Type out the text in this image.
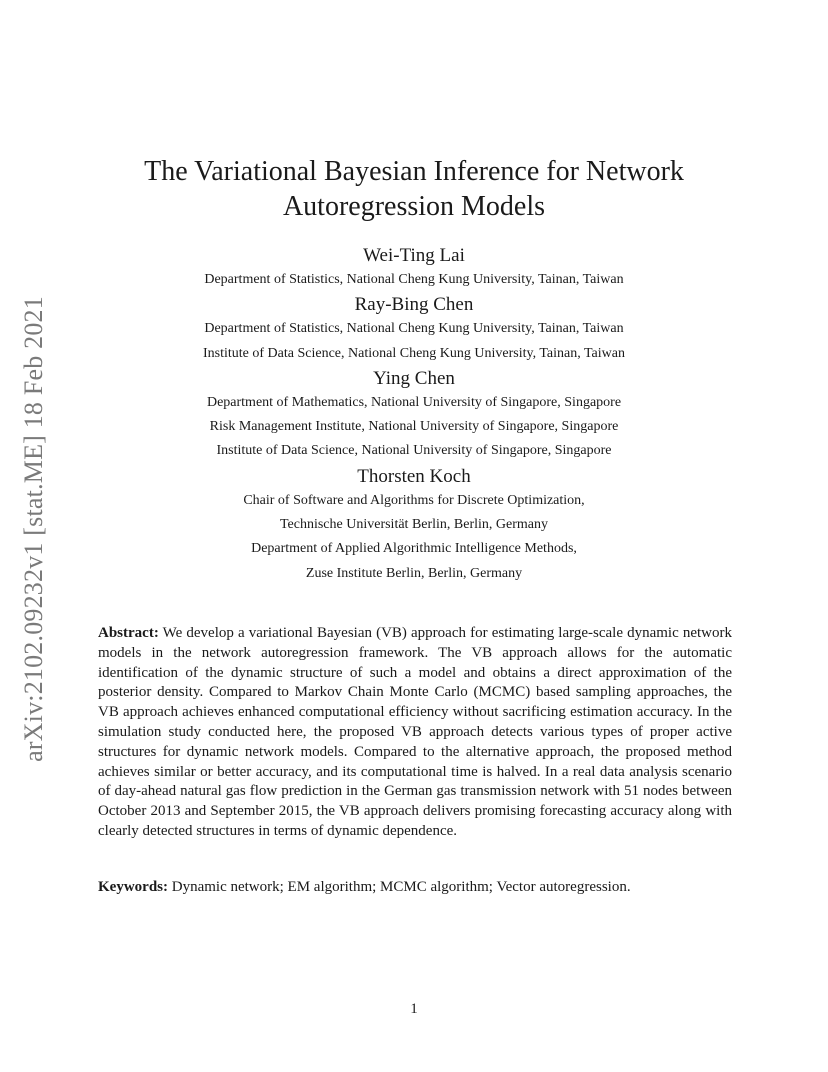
arXiv:2102.09232v1 [stat.ME] 18 Feb 2021
The Variational Bayesian Inference for Network
Autoregression Models
Wei-Ting Lai
Department of Statistics, National Cheng Kung University, Tainan, Taiwan
Ray-Bing Chen
Department of Statistics, National Cheng Kung University, Tainan, Taiwan
Institute of Data Science, National Cheng Kung University, Tainan, Taiwan
Ying Chen
Department of Mathematics, National University of Singapore, Singapore
Risk Management Institute, National University of Singapore, Singapore
Institute of Data Science, National University of Singapore, Singapore
Thorsten Koch
Chair of Software and Algorithms for Discrete Optimization,
Technische Universität Berlin, Berlin, Germany
Department of Applied Algorithmic Intelligence Methods,
Zuse Institute Berlin, Berlin, Germany

Abstract: We develop a variational Bayesian (VB) approach for estimating large-scale dynamic network models in the network autoregression framework. The VB approach allows for the automatic identification of the dynamic structure of such a model and obtains a direct approximation of the posterior density. Compared to Markov Chain Monte Carlo (MCMC) based sampling approaches, the VB approach achieves enhanced computational efficiency without sacrificing estimation accuracy. In the simulation study conducted here, the proposed VB approach detects various types of proper active structures for dynamic network models. Compared to the alternative approach, the proposed method achieves similar or better accuracy, and its computational time is halved. In a real data analysis scenario of day-ahead natural gas flow prediction in the German gas transmission network with 51 nodes between October 2013 and September 2015, the VB approach delivers promising forecasting accuracy along with clearly detected structures in terms of dynamic dependence.

Keywords: Dynamic network; EM algorithm; MCMC algorithm; Vector autoregression.

1
